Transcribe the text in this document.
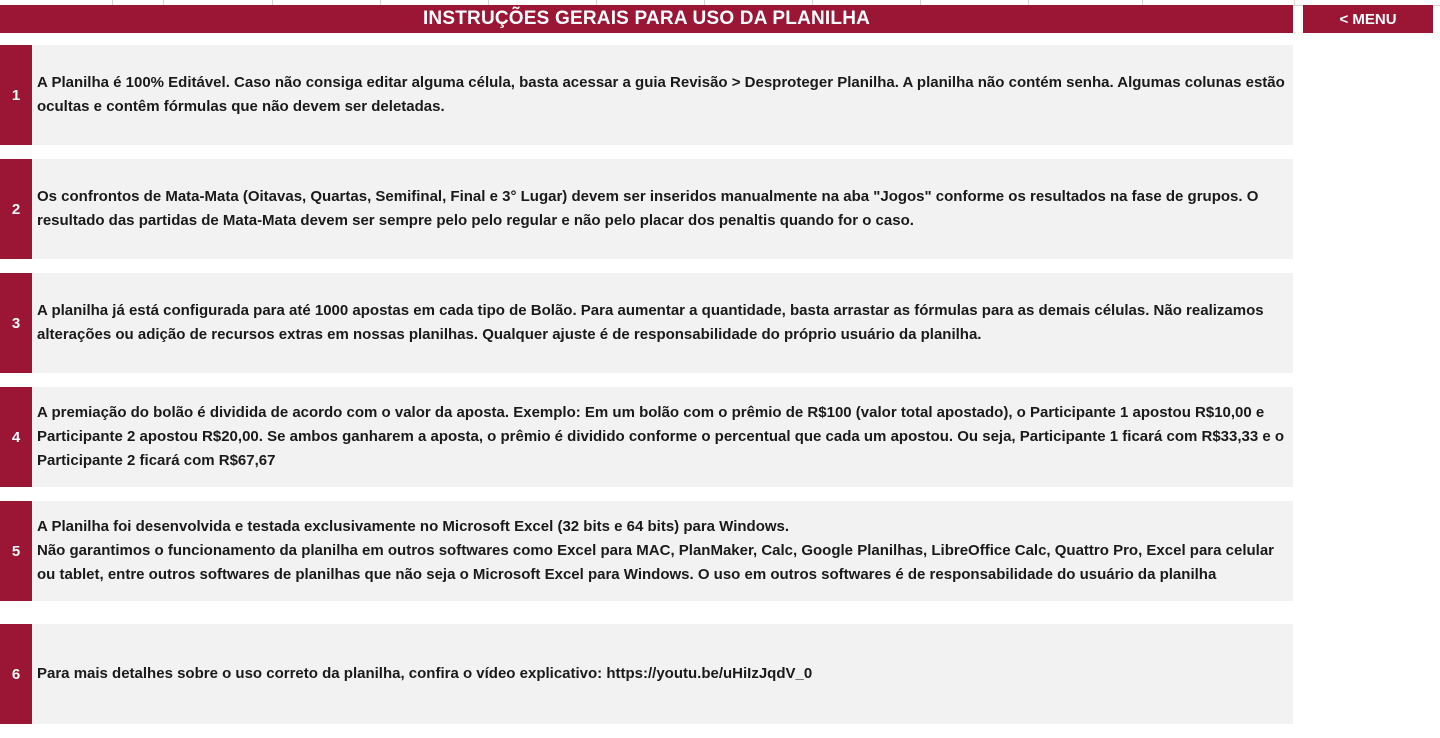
INSTRUÇÕES GERAIS PARA USO DA PLANILHA	< MENU
1
A Planilha é 100% Editável. Caso não consiga editar alguma célula, basta acessar a guia Revisão > Desproteger Planilha. A planilha não contém senha. Algumas colunas estão ocultas e contêm fórmulas que não devem ser deletadas.
2
Os confrontos de Mata-Mata (Oitavas, Quartas, Semifinal, Final e 3° Lugar) devem ser inseridos manualmente na aba "Jogos" conforme os resultados na fase de grupos. O resultado das partidas de Mata-Mata devem ser sempre pelo pelo regular e não pelo placar dos penaltis quando for o caso.
3
A planilha já está configurada para até 1000 apostas em cada tipo de Bolão. Para aumentar a quantidade, basta arrastar as fórmulas para as demais células. Não realizamos alterações ou adição de recursos extras em nossas planilhas. Qualquer ajuste é de responsabilidade do próprio usuário da planilha.
4
A premiação do bolão é dividida de acordo com o valor da aposta. Exemplo: Em um bolão com o prêmio de R$100 (valor total apostado), o Participante 1 apostou R$10,00 e Participante 2 apostou R$20,00. Se ambos ganharem a aposta, o prêmio é dividido conforme o percentual que cada um apostou. Ou seja, Participante 1 ficará com R$33,33 e o Participante 2 ficará com R$67,67
5
A Planilha foi desenvolvida e testada exclusivamente no Microsoft Excel (32 bits e 64 bits) para Windows.
Não garantimos o funcionamento da planilha em outros softwares como Excel para MAC, PlanMaker, Calc, Google Planilhas, LibreOffice Calc, Quattro Pro, Excel para celular ou tablet, entre outros softwares de planilhas que não seja o Microsoft Excel para Windows. O uso em outros softwares é de responsabilidade do usuário da planilha
6	Para mais detalhes sobre o uso correto da planilha, confira o vídeo explicativo: https://youtu.be/uHiIzJqdV_0
